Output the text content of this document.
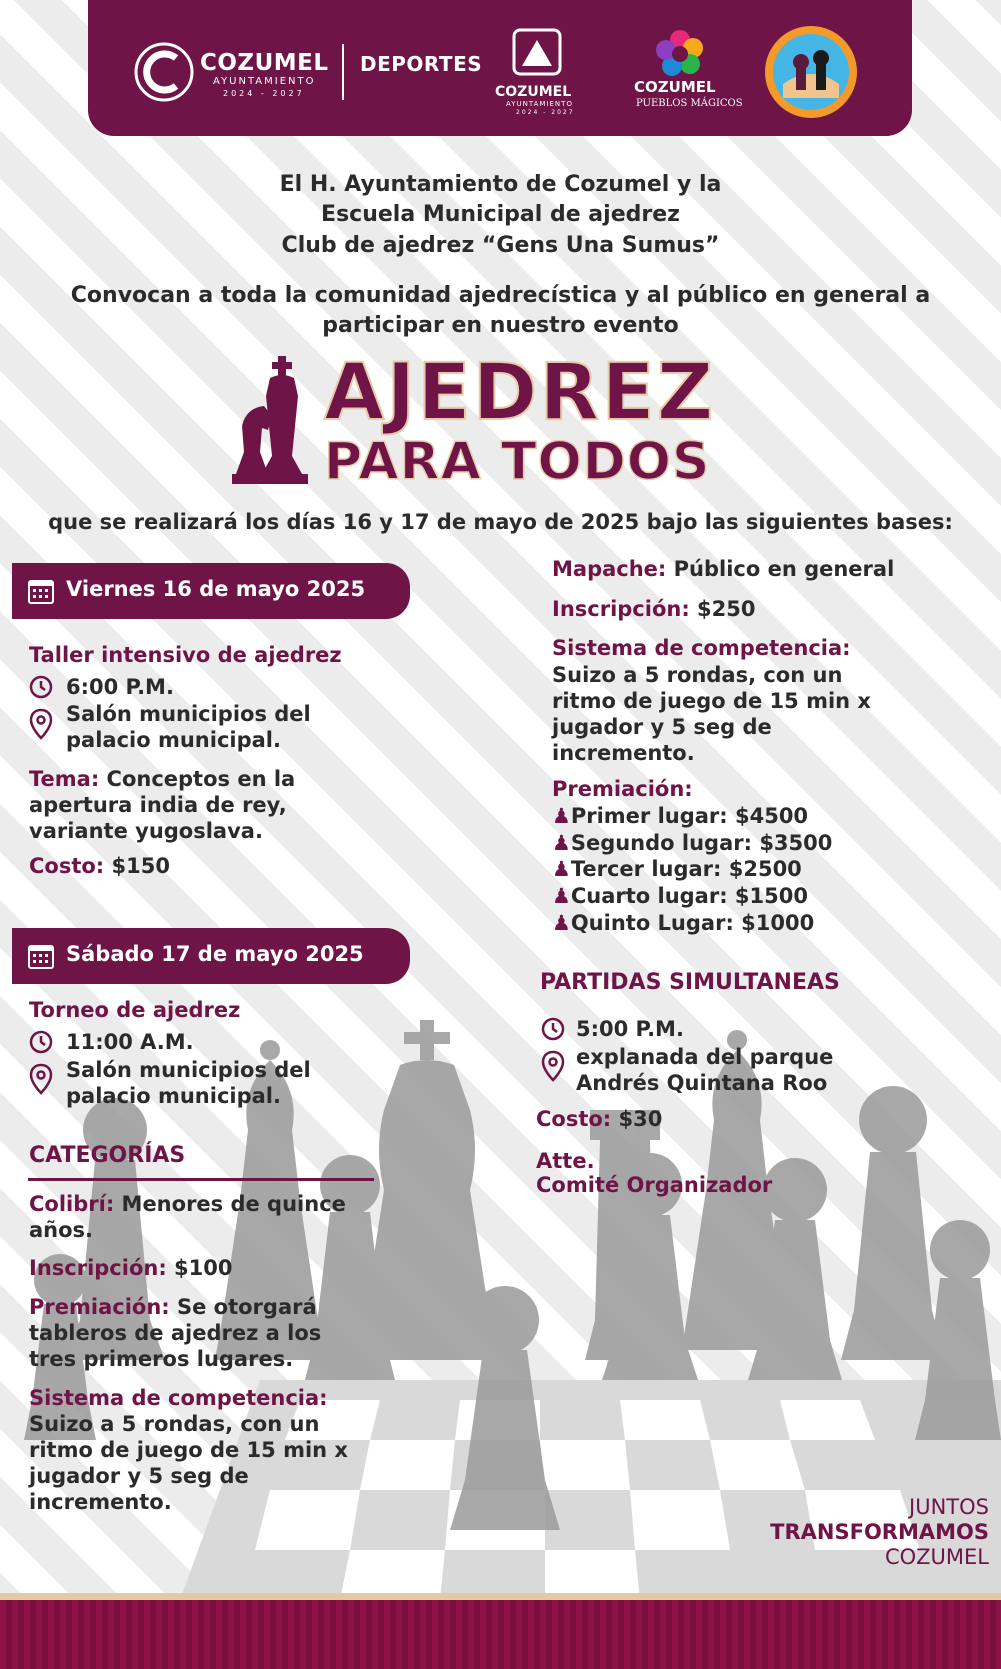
COZUMEL
AYUNTAMIENTO
2024 - 2027
DEPORTES
COZUMEL
AYUNTAMIENTO
2024 - 2027
COZUMEL
PUEBLOS MÁGICOS
El H. Ayuntamiento de Cozumel y la
Escuela Municipal de ajedrez
Club de ajedrez “Gens Una Sumus”
Convocan a toda la comunidad ajedrecística y al público en general a
participar en nuestro evento
AJEDREZ
PARA TODOS
que se realizará los días 16 y 17 de mayo de 2025 bajo las siguientes bases:
Viernes 16 de mayo 2025
Taller intensivo de ajedrez
6:00 P.M.
Salón municipios del
palacio municipal.
Tema: Conceptos en la
apertura india de rey,
variante yugoslava.
Costo: $150
Sábado 17 de mayo 2025
Torneo de ajedrez
11:00 A.M.
Salón municipios del
palacio municipal.
CATEGORÍAS
Colibrí: Menores de quince
años.
Inscripción: $100
Premiación: Se otorgará
tableros de ajedrez a los
tres primeros lugares.
Sistema de competencia:
Suizo a 5 rondas, con un
ritmo de juego de 15 min x
jugador y 5 seg de
incremento.
Mapache: Público en general
Inscripción: $250
Sistema de competencia:
Suizo a 5 rondas, con un
ritmo de juego de 15 min x
jugador y 5 seg de
incremento.
Premiación:
♟Primer lugar: $4500
♟Segundo lugar: $3500
♟Tercer lugar: $2500
♟Cuarto lugar: $1500
♟Quinto Lugar: $1000
PARTIDAS SIMULTANEAS
5:00 P.M.
explanada del parque
Andrés Quintana Roo
Costo: $30
Atte.
Comité Organizador
JUNTOS
TRANSFORMAMOS
COZUMEL
